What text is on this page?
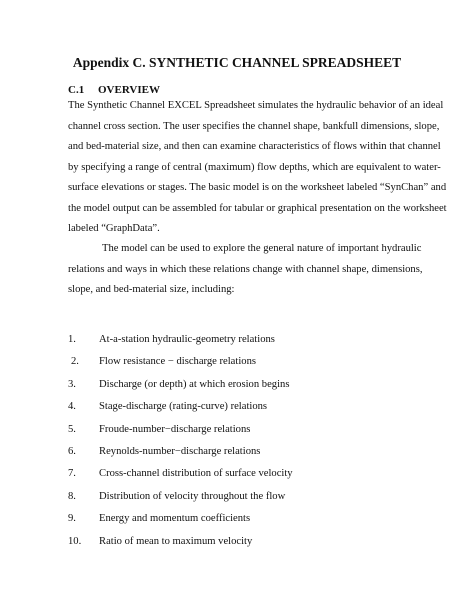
Appendix C. SYNTHETIC CHANNEL SPREADSHEET
C.1 OVERVIEW
The Synthetic Channel EXCEL Spreadsheet simulates the hydraulic behavior of an ideal
channel cross section. The user specifies the channel shape, bankfull dimensions, slope,
and bed-material size, and then can examine characteristics of flows within that channel
by specifying a range of central (maximum) flow depths, which are equivalent to water-
surface elevations or stages. The basic model is on the worksheet labeled “SynChan” and
the model output can be assembled for tabular or graphical presentation on the worksheet
labeled “GraphData”.
The model can be used to explore the general nature of important hydraulic
relations and ways in which these relations change with channel shape, dimensions,
slope, and bed-material size, including:
1. At-a-station hydraulic-geometry relations
2. Flow resistance − discharge relations
3. Discharge (or depth) at which erosion begins
4. Stage-discharge (rating-curve) relations
5. Froude-number−discharge relations
6. Reynolds-number−discharge relations
7. Cross-channel distribution of surface velocity
8. Distribution of velocity throughout the flow
9. Energy and momentum coefficients
10. Ratio of mean to maximum velocity
